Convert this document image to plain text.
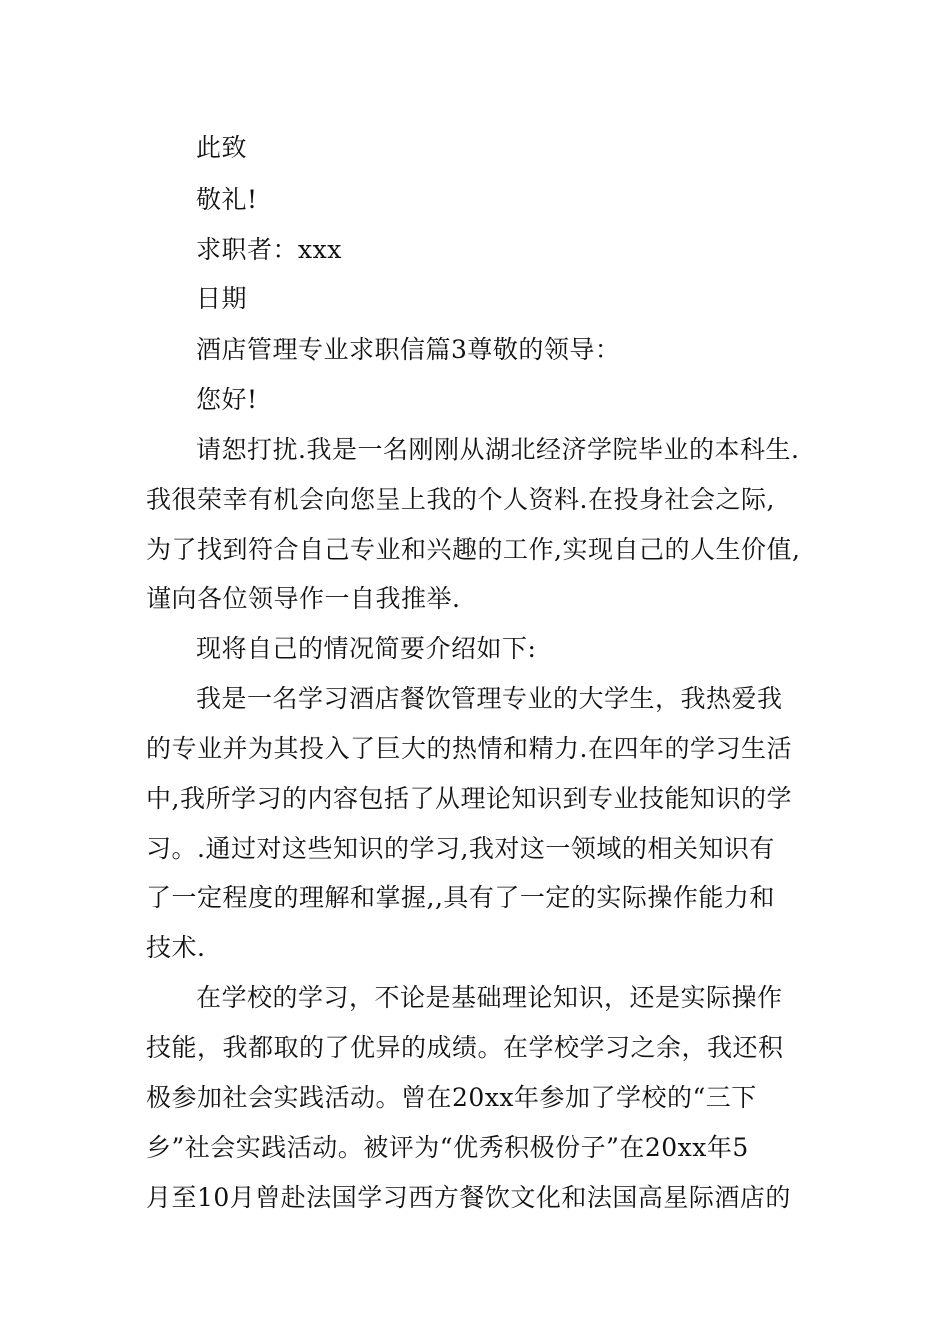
此致
敬礼!
求职者：xxx
日期
酒店管理专业求职信篇3尊敬的领导：
您好!
请恕打扰.我是一名刚刚从湖北经济学院毕业的本科生.
我很荣幸有机会向您呈上我的个人资料.在投身社会之际,
为了找到符合自己专业和兴趣的工作,实现自己的人生价值,
谨向各位领导作一自我推举.
现将自己的情况简要介绍如下:
我是一名学习酒店餐饮管理专业的大学生，我热爱我
的专业并为其投入了巨大的热情和精力.在四年的学习生活
中,我所学习的内容包括了从理论知识到专业技能知识的学
习。.通过对这些知识的学习,我对这一领域的相关知识有
了一定程度的理解和掌握,,具有了一定的实际操作能力和
技术.
在学校的学习，不论是基础理论知识，还是实际操作
技能，我都取的了优异的成绩。在学校学习之余，我还积
极参加社会实践活动。曾在20xx年参加了学校的“三下
乡”社会实践活动。被评为“优秀积极份子”在20xx年5
月至10月曾赴法国学习西方餐饮文化和法国高星际酒店的
